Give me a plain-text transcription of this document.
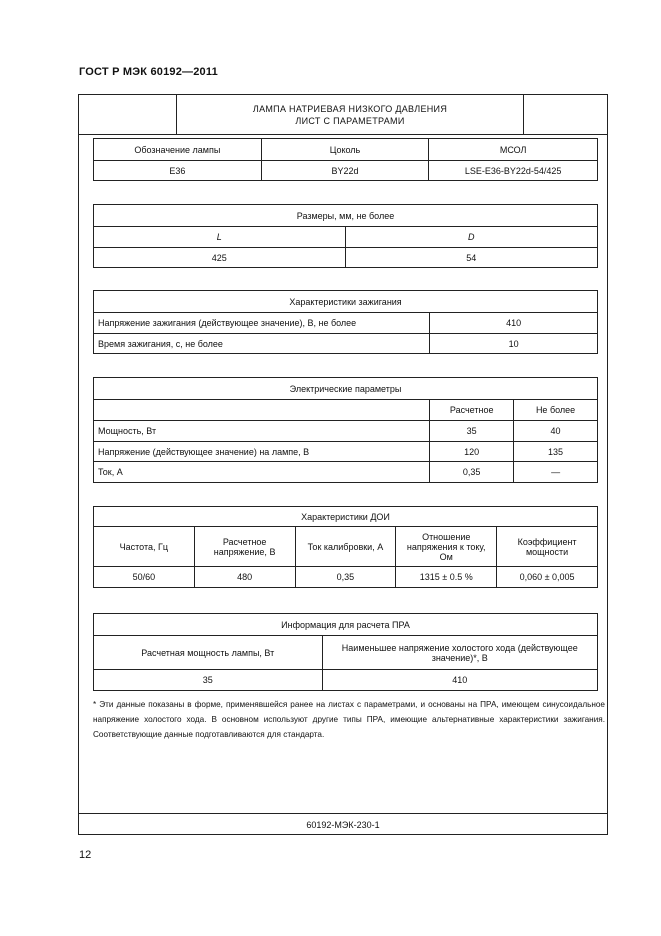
ГОСТ Р МЭК 60192—2011
ЛАМПА НАТРИЕВАЯ НИЗКОГО ДАВЛЕНИЯ
ЛИСТ С ПАРАМЕТРАМИ
60192-МЭК-230-1
Обозначение лампы	Цоколь	МСОЛ
E36	BY22d	LSE-E36-BY22d-54/425
Размеры, мм, не более	
L	D
425	54
Характеристики зажигания	
Напряжение зажигания (действующее значение), В, не более	410
Время зажигания, с, не более	10
Электрические параметры		
	Расчетное	Не более
Мощность, Вт	35	40
Напряжение (действующее значение) на лампе, В	120	135
Ток, А	0,35	—
Характеристики ДОИ				
Частота, Гц	Расчетное напряжение, В	Ток калибровки, А	Отношение напряжения к току, Ом	Коэффициент мощности
50/60	480	0,35	1315 ± 0.5 %	0,060 ± 0,005
Информация для расчета ПРА	
Расчетная мощность лампы, Вт	Наименьшее напряжение холостого хода (действующее значение)*, В
35	410
* Эти данные показаны в форме, применявшейся ранее на листах с параметрами, и основаны на ПРА, имеющем синусоидальное напряжение холостого хода. В основном используют другие типы ПРА, имеющие альтернативные характеристики зажигания. Соответствующие данные подготавливаются для стандарта.
12
